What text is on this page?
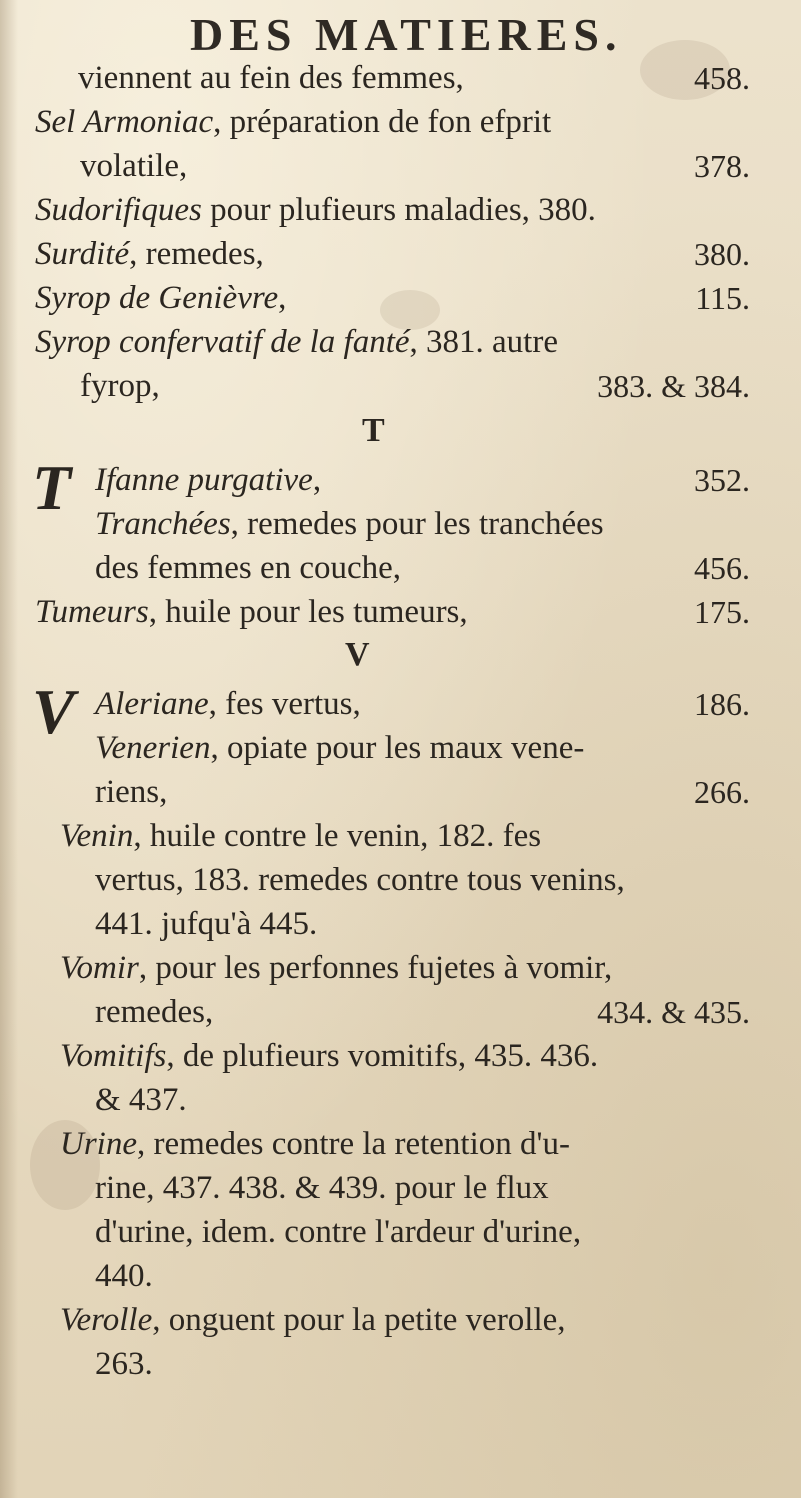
DES MATIERES.
viennent au fein des femmes,	458.
Sel Armoniac, préparation de fon efprit
volatile,	378.
Sudorifiques pour plufieurs maladies, 380.
Surdité, remedes,	380.
Syrop de Genièvre,	115.
Syrop confervatif de la fanté, 381. autre
fyrop,	383. & 384.
T
T Ifanne purgative,	352.
Tranchées, remedes pour les tranchées
des femmes en couche,	456.
Tumeurs, huile pour les tumeurs,	175.
V
V Aleriane, fes vertus,	186.
Venerien, opiate pour les maux vene-
riens,	266.
Venin, huile contre le venin, 182. fes
vertus, 183. remedes contre tous venins,
441. jufqu'à 445.
Vomir, pour les perfonnes fujetes à vomir,
remedes,	434. & 435.
Vomitifs, de plufieurs vomitifs, 435. 436.
& 437.
Urine, remedes contre la retention d'u-
rine, 437. 438. & 439. pour le flux
d'urine, idem. contre l'ardeur d'urine,
440.
Verolle, onguent pour la petite verolle,
263.
